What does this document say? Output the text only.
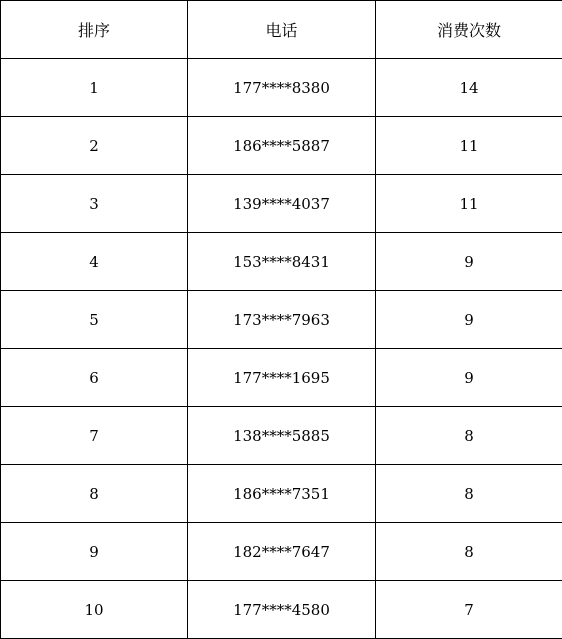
排序	电话	消费次数
1	177****8380	14
2	186****5887	11
3	139****4037	11
4	153****8431	9
5	173****7963	9
6	177****1695	9
7	138****5885	8
8	186****7351	8
9	182****7647	8
10	177****4580	7
